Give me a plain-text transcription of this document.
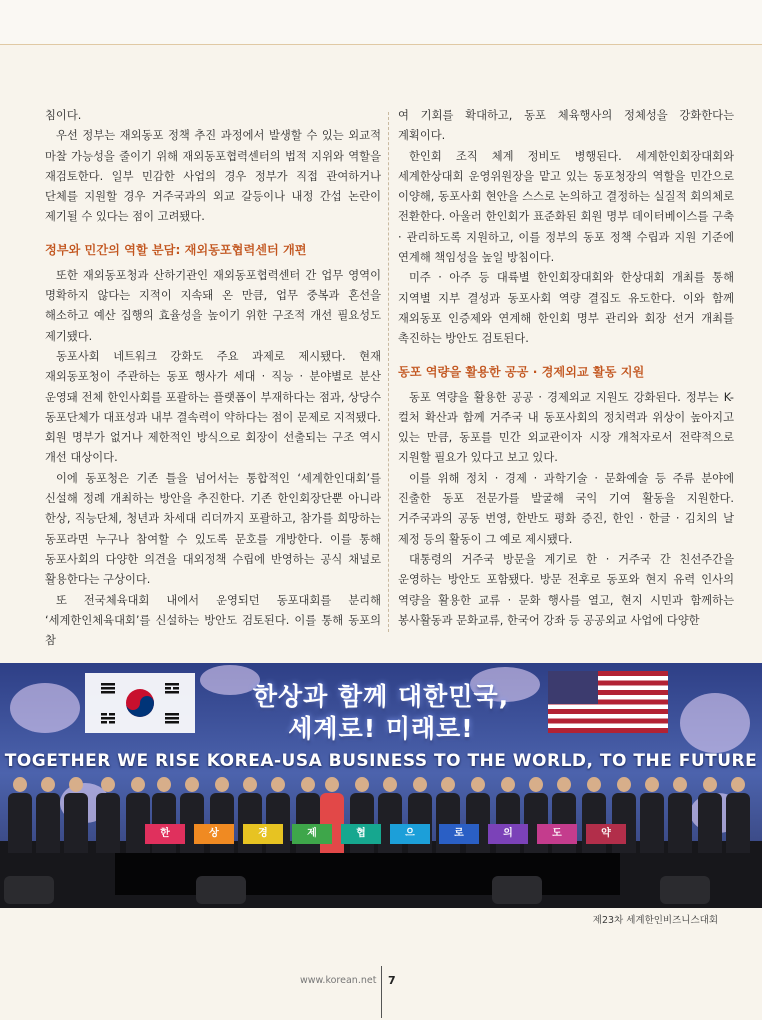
침이다.

우선 정부는 재외동포 정책 추진 과정에서 발생할 수 있는 외교적 마찰 가능성을 줄이기 위해 재외동포협력센터의 법적 지위와 역할을 재검토한다. 일부 민감한 사업의 경우 정부가 직접 관여하거나 단체를 지원할 경우 거주국과의 외교 갈등이나 내정 간섭 논란이 제기될 수 있다는 점이 고려됐다.

정부와 민간의 역할 분담: 재외동포협력센터 개편

또한 재외동포청과 산하기관인 재외동포협력센터 간 업무 영역이 명확하지 않다는 지적이 지속돼 온 만큼, 업무 중복과 혼선을 해소하고 예산 집행의 효율성을 높이기 위한 구조적 개선 필요성도 제기됐다.

동포사회 네트워크 강화도 주요 과제로 제시됐다. 현재 재외동포청이 주관하는 동포 행사가 세대 · 직능 · 분야별로 분산 운영돼 전체 한인사회를 포괄하는 플랫폼이 부재하다는 점과, 상당수 동포단체가 대표성과 내부 결속력이 약하다는 점이 문제로 지적됐다. 회원 명부가 없거나 제한적인 방식으로 회장이 선출되는 구조 역시 개선 대상이다.

이에 동포청은 기존 틀을 넘어서는 통합적인 ‘세계한인대회’를 신설해 정례 개최하는 방안을 추진한다. 기존 한인회장단뿐 아니라 한상, 직능단체, 청년과 차세대 리더까지 포괄하고, 참가를 희망하는 동포라면 누구나 참여할 수 있도록 문호를 개방한다. 이를 통해 동포사회의 다양한 의견을 대외정책 수립에 반영하는 공식 채널로 활용한다는 구상이다.

또 전국체육대회 내에서 운영되던 동포대회를 분리해 ‘세계한인체육대회’를 신설하는 방안도 검토된다. 이를 통해 동포의 참

여 기회를 확대하고, 동포 체육행사의 정체성을 강화한다는 계획이다.

한인회 조직 체계 정비도 병행된다. 세계한인회장대회와 세계한상대회 운영위원장을 맡고 있는 동포청장의 역할을 민간으로 이양해, 동포사회 현안을 스스로 논의하고 결정하는 실질적 회의체로 전환한다. 아울러 한인회가 표준화된 회원 명부 데이터베이스를 구축 · 관리하도록 지원하고, 이를 정부의 동포 정책 수립과 지원 기준에 연계해 책임성을 높일 방침이다.

미주 · 아주 등 대륙별 한인회장대회와 한상대회 개최를 통해 지역별 지부 결성과 동포사회 역량 결집도 유도한다. 이와 함께 재외동포 인증제와 연계해 한인회 명부 관리와 회장 선거 개최를 촉진하는 방안도 검토된다.

동포 역량을 활용한 공공 · 경제외교 활동 지원

동포 역량을 활용한 공공 · 경제외교 지원도 강화된다. 정부는 K-컬처 확산과 함께 거주국 내 동포사회의 정치력과 위상이 높아지고 있는 만큼, 동포를 민간 외교관이자 시장 개척자로서 전략적으로 지원할 필요가 있다고 보고 있다.

이를 위해 정치 · 경제 · 과학기술 · 문화예술 등 주류 분야에 진출한 동포 전문가를 발굴해 국익 기여 활동을 지원한다. 거주국과의 공동 번영, 한반도 평화 증진, 한인 · 한글 · 김치의 날 제정 등의 활동이 그 예로 제시됐다.

대통령의 거주국 방문을 계기로 한 · 거주국 간 친선주간을 운영하는 방안도 포함됐다. 방문 전후로 동포와 현지 유력 인사의 역량을 활용한 교류 · 문화 행사를 열고, 현지 시민과 함께하는 봉사활동과 문화교류, 한국어 강좌 등 공공외교 사업에 다양한

한상과 함께 대한민국,
세계로! 미래로!
TOGETHER WE RISE KOREA-USA BUSINESS TO THE WORLD, TO THE FUTURE
한	상	경	제	협	으	로	의	도	약
제23차 세계한인비즈니스대회
www.korean.net 7
